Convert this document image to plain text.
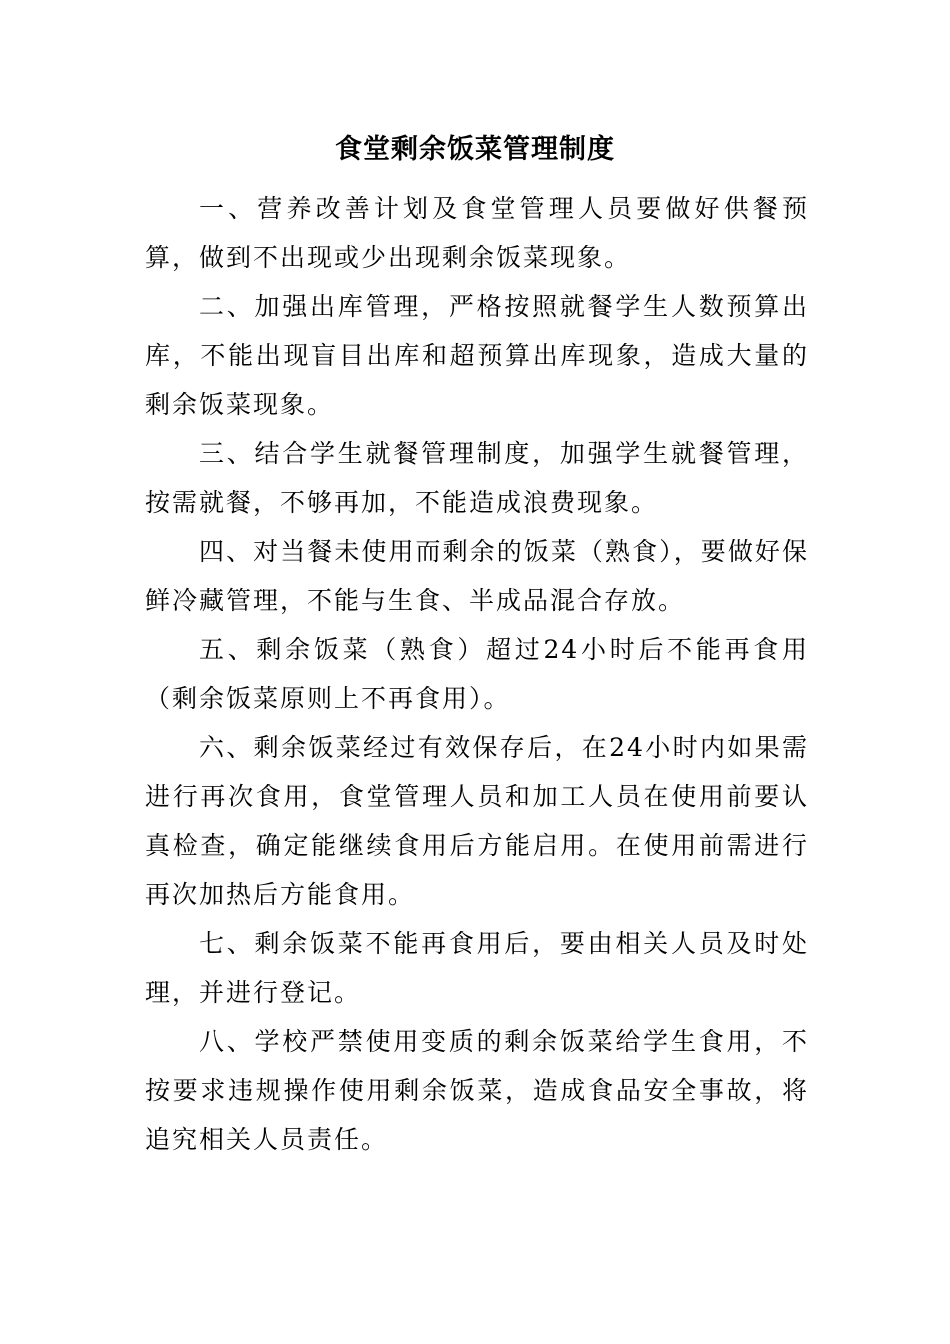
食堂剩余饭菜管理制度

一、营养改善计划及食堂管理人员要做好供餐预算，做到不出现或少出现剩余饭菜现象。

二、加强出库管理，严格按照就餐学生人数预算出库，不能出现盲目出库和超预算出库现象，造成大量的剩余饭菜现象。

三、结合学生就餐管理制度，加强学生就餐管理，按需就餐，不够再加，不能造成浪费现象。

四、对当餐未使用而剩余的饭菜（熟食），要做好保鲜冷藏管理，不能与生食、半成品混合存放。

五、剩余饭菜（熟食）超过24小时后不能再食用（剩余饭菜原则上不再食用）。

六、剩余饭菜经过有效保存后，在24小时内如果需进行再次食用，食堂管理人员和加工人员在使用前要认真检查，确定能继续食用后方能启用。在使用前需进行再次加热后方能食用。

七、剩余饭菜不能再食用后，要由相关人员及时处理，并进行登记。

八、学校严禁使用变质的剩余饭菜给学生食用，不按要求违规操作使用剩余饭菜，造成食品安全事故，将追究相关人员责任。
